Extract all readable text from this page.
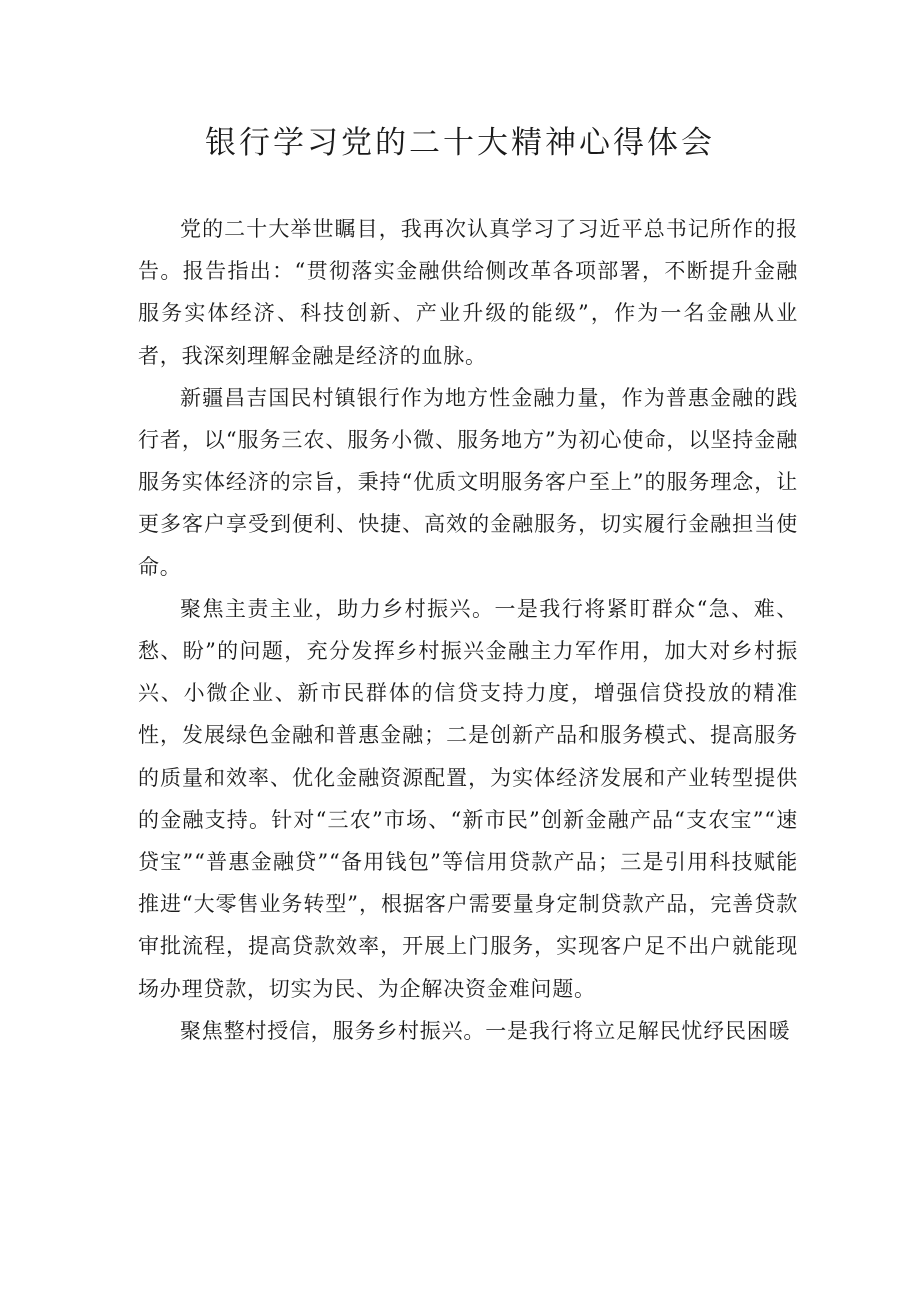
银行学习党的二十大精神心得体会

党的二十大举世瞩目，我再次认真学习了习近平总书记所作的报告。报告指出：“贯彻落实金融供给侧改革各项部署，不断提升金融服务实体经济、科技创新、产业升级的能级”，作为一名金融从业者，我深刻理解金融是经济的血脉。

新疆昌吉国民村镇银行作为地方性金融力量，作为普惠金融的践行者，以“服务三农、服务小微、服务地方”为初心使命，以坚持金融服务实体经济的宗旨，秉持“优质文明服务客户至上”的服务理念，让更多客户享受到便利、快捷、高效的金融服务，切实履行金融担当使命。

聚焦主责主业，助力乡村振兴。一是我行将紧盯群众“急、难、愁、盼”的问题，充分发挥乡村振兴金融主力军作用，加大对乡村振兴、小微企业、新市民群体的信贷支持力度，增强信贷投放的精准性，发展绿色金融和普惠金融；二是创新产品和服务模式、提高服务的质量和效率、优化金融资源配置，为实体经济发展和产业转型提供的金融支持。针对“三农”市场、“新市民”创新金融产品“支农宝”“速贷宝”“普惠金融贷”“备用钱包”等信用贷款产品；三是引用科技赋能推进“大零售业务转型”，根据客户需要量身定制贷款产品，完善贷款审批流程，提高贷款效率，开展上门服务，实现客户足不出户就能现场办理贷款，切实为民、为企解决资金难问题。

聚焦整村授信，服务乡村振兴。一是我行将立足解民忧纾民困暖
